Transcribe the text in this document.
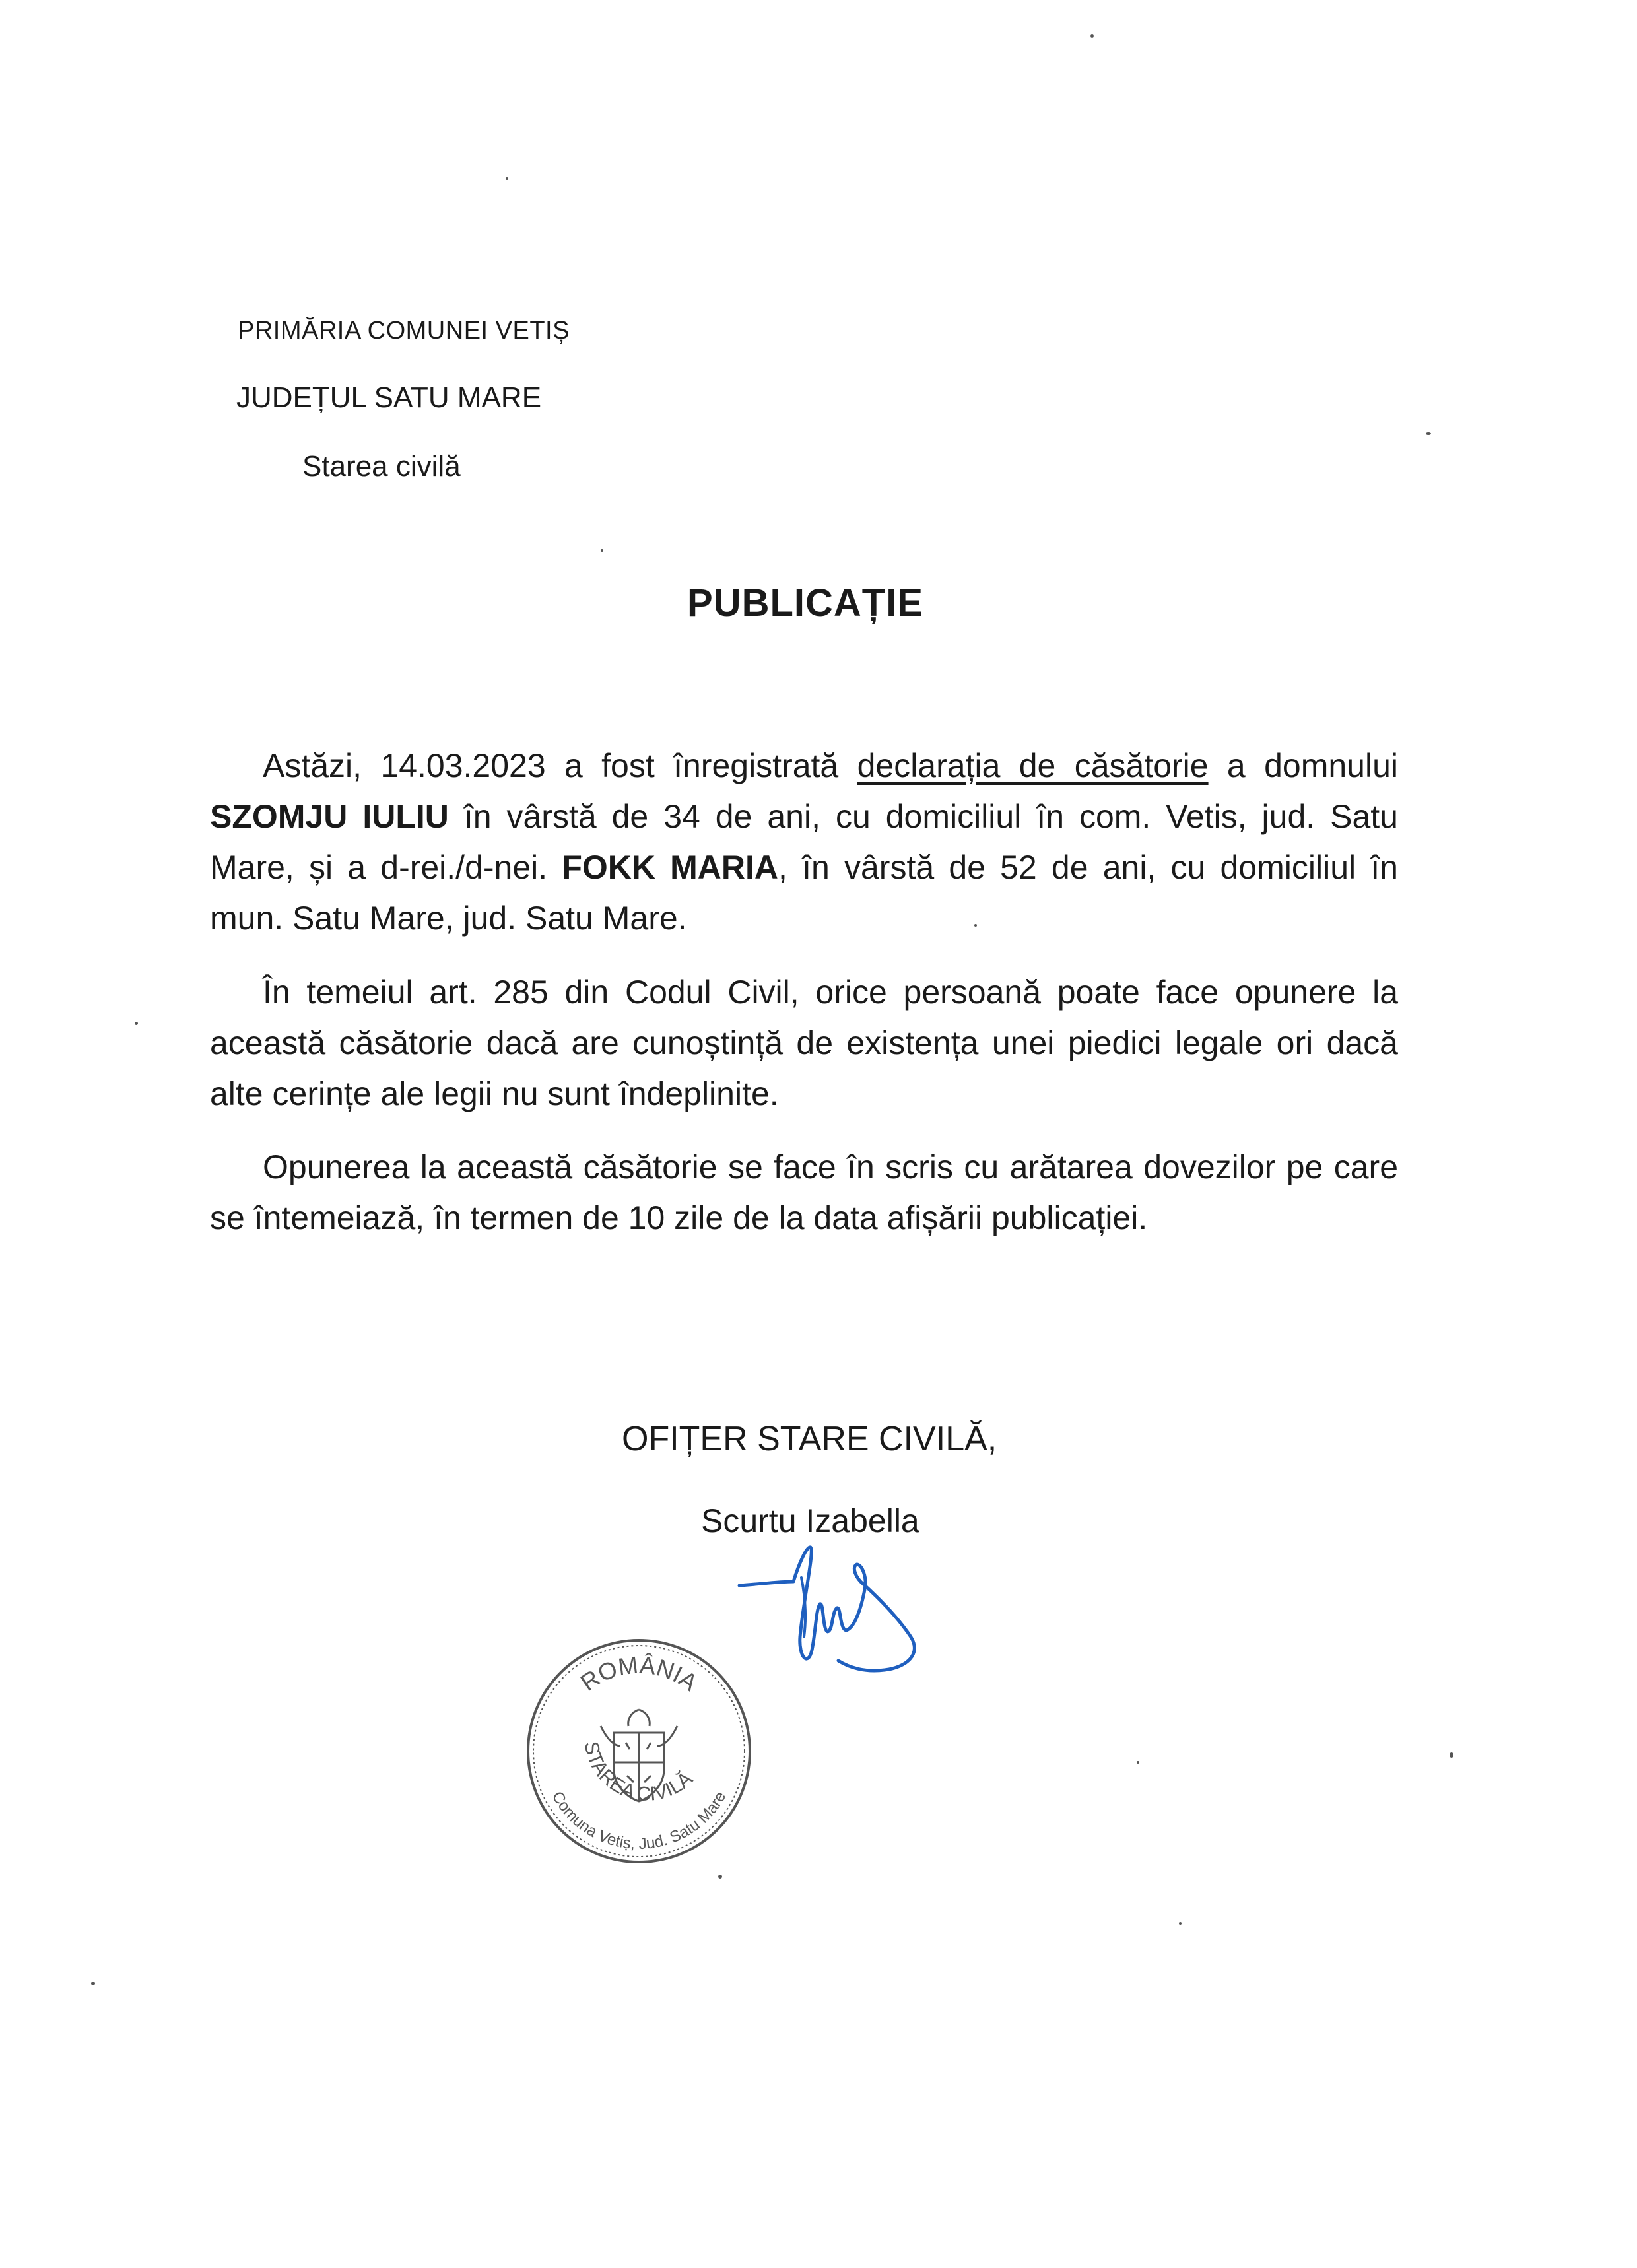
PRIMĂRIA COMUNEI VETIȘ
JUDEȚUL SATU MARE
Starea civilă
PUBLICAȚIE
Astăzi, 14.03.2023 a fost înregistrată declarația de căsătorie a domnului SZOMJU IULIU în vârstă de 34 de ani, cu domiciliul în com. Vetis, jud. Satu Mare, și a d-rei./d-nei. FOKK MARIA, în vârstă de 52 de ani, cu domiciliul în mun. Satu Mare, jud. Satu Mare.
În temeiul art. 285 din Codul Civil, orice persoană poate face opunere la această căsătorie dacă are cunoștință de existența unei piedici legale ori dacă alte cerințe ale legii nu sunt îndeplinite.
Opunerea la această căsătorie se face în scris cu arătarea dovezilor pe care se întemeiază, în termen de 10 zile de la data afișării publicației.
OFIȚER STARE CIVILĂ,
Scurtu Izabella
ROMÂNIA
Comuna Vetiș, Jud. Satu Mare
STAREA CIVILĂ
